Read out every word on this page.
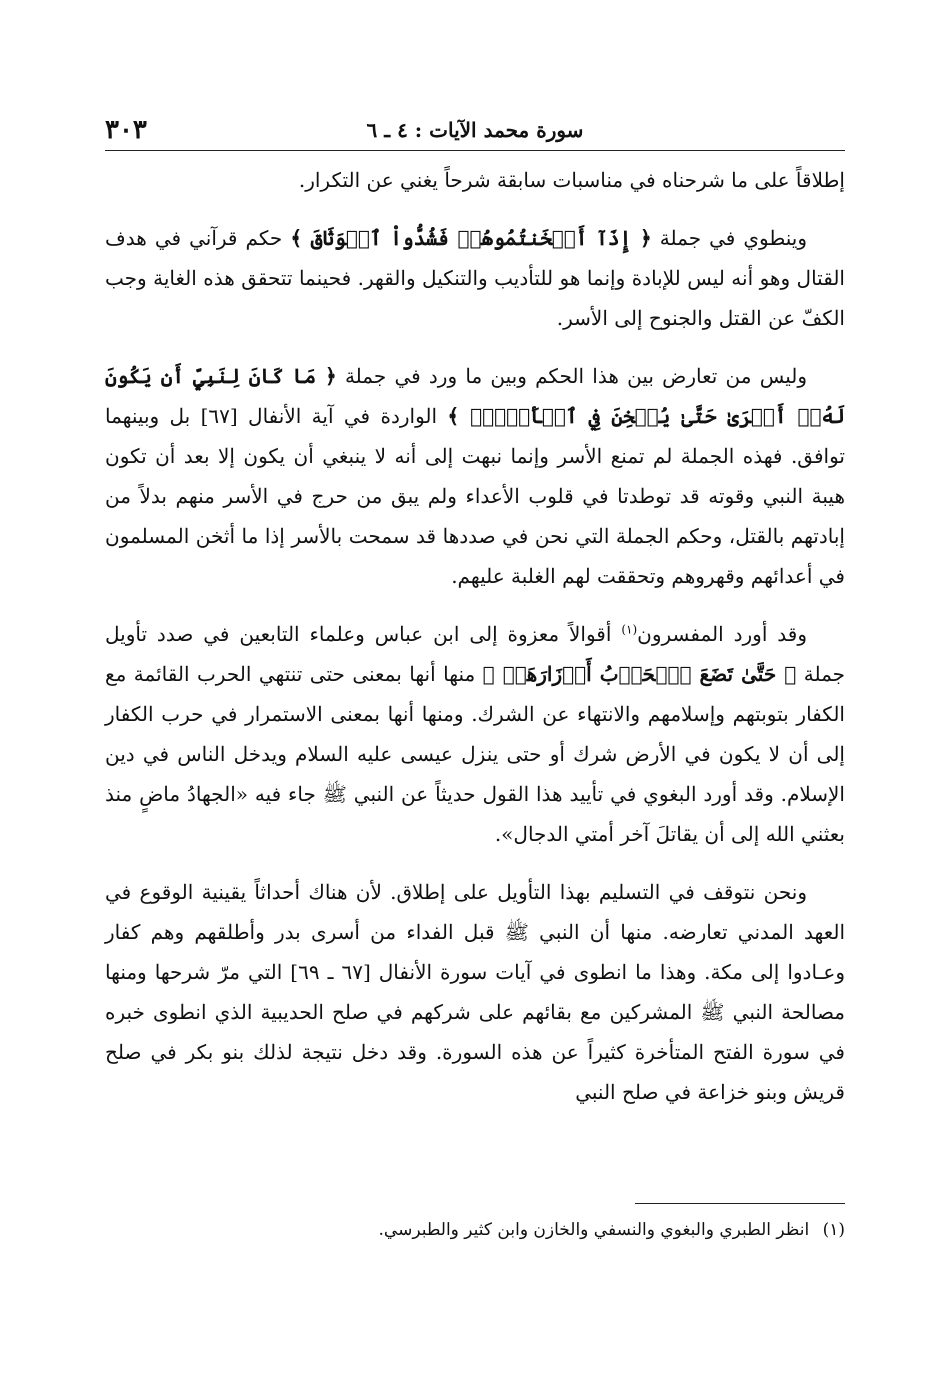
٣٠٣	سورة محمد الآيات : ٤ ـ ٦

إطلاقاً على ما شرحناه في مناسبات سابقة شرحاً يغني عن التكرار.

وينطوي في جملة ﴿ إِذَآ أَثۡخَنتُمُوهُمۡ فَشُدُّواْ ٱلۡوَثَاقَ ﴾ حكم قرآني في هدف القتال وهو أنه ليس للإبادة وإنما هو للتأديب والتنكيل والقهر. فحينما تتحقق هذه الغاية وجب الكفّ عن القتل والجنوح إلى الأسر.

وليس من تعارض بين هذا الحكم وبين ما ورد في جملة ﴿ مَا كَانَ لِنَبِيٍّ أَن يَكُونَ لَهُۥٓ أَسۡرَىٰ حَتَّىٰ يُثۡخِنَ فِي ٱلۡأَرۡضِۚ ﴾ الواردة في آية الأنفال [٦٧] بل وبينهما توافق. فهذه الجملة لم تمنع الأسر وإنما نبهت إلى أنه لا ينبغي أن يكون إلا بعد أن تكون هيبة النبي وقوته قد توطدتا في قلوب الأعداء ولم يبق من حرج في الأسر منهم بدلاً من إبادتهم بالقتل، وحكم الجملة التي نحن في صددها قد سمحت بالأسر إذا ما أثخن المسلمون في أعدائهم وقهروهم وتحققت لهم الغلبة عليهم.

وقد أورد المفسرون$^{(١)}$ أقوالاً معزوة إلى ابن عباس وعلماء التابعين في صدد تأويل جملة ﴿ حَتَّىٰ تَضَعَ ٱلۡحَرۡبُ أَوۡزَارَهَاۚ ﴾ منها أنها بمعنى حتى تنتهي الحرب القائمة مع الكفار بتوبتهم وإسلامهم والانتهاء عن الشرك. ومنها أنها بمعنى الاستمرار في حرب الكفار إلى أن لا يكون في الأرض شرك أو حتى ينزل عيسى عليه السلام ويدخل الناس في دين الإسلام. وقد أورد البغوي في تأييد هذا القول حديثاً عن النبي ﷺ جاء فيه «الجهادُ ماضٍ منذ بعثني الله إلى أن يقاتلَ آخر أمتي الدجال».

ونحن نتوقف في التسليم بهذا التأويل على إطلاق. لأن هناك أحداثاً يقينية الوقوع في العهد المدني تعارضه. منها أن النبي ﷺ قبل الفداء من أسرى بدر وأطلقهم وهم كفار وعـادوا إلى مكة. وهذا ما انطوى في آيات سورة الأنفال [٦٧ ـ ٦٩] التي مرّ شرحها ومنها مصالحة النبي ﷺ المشركين مع بقائهم على شركهم في صلح الحديبية الذي انطوى خبره في سورة الفتح المتأخرة كثيراً عن هذه السورة. وقد دخل نتيجة لذلك بنو بكر في صلح قريش وبنو خزاعة في صلح النبي

(١) انظر الطبري والبغوي والنسفي والخازن وابن كثير والطبرسي.
